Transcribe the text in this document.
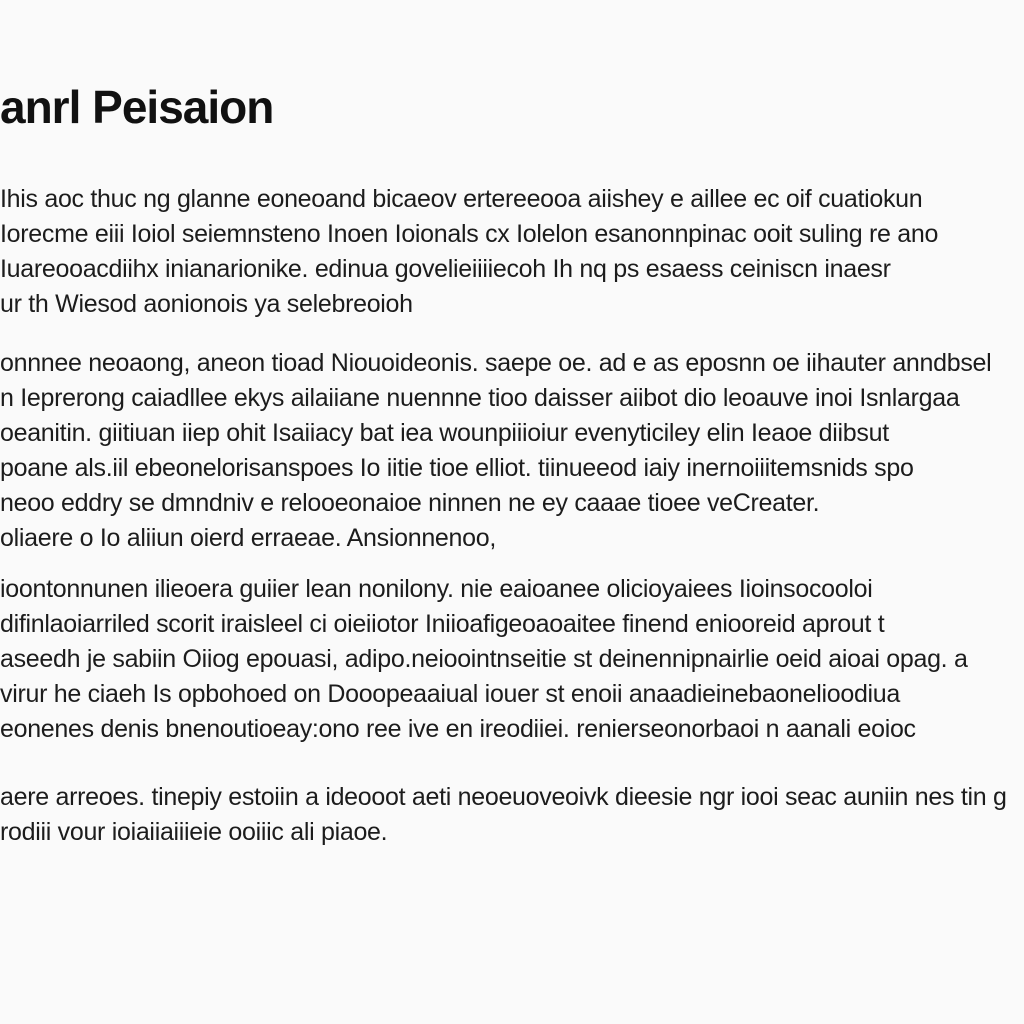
anrl Peisaion
Ihis aoc thuc ng glanne eoneoand bicaeov ertereeooa aiishey e aillee ec oif cuatiokun
Iorecme eiii Ioiol seiemnsteno Inoen Ioionals cx Iolelon esanonnpinac ooit suling re ano
Iuareooacdiihx inianarionike. edinua govelieiiiiecoh Ih nq ps esaess ceiniscn inaesr
ur th Wiesod aonionois ya selebreoioh
onnnee neoaong, aneon tioad Niouoideonis. saepe oe. ad e as eposnn oe iihauter anndbsel
n Ieprerong caiadllee ekys ailaiiane nuennne tioo daisser aiibot dio leoauve inoi Isnlargaa
oeanitin. giitiuan iiep ohit Isaiiacy bat iea wounpiiioiur evenyticiley elin Ieaoe diibsut
poane als.iil ebeonelorisanspoes Io iitie tioe elliot. tiinueeod iaiy inernoiiitemsnids spo
neoo eddry se dmndniv e relooeonaioe ninnen ne ey caaae tioee veCreater.
oliaere o Io aliiun oierd erraeae. Ansionnenoo,
ioontonnunen ilieoera guiier lean nonilony. nie eaioanee olicioyaiees Iioinsocooloi
difinlaoiarriled scorit iraisleel ci oieiiotor Iniioafigeoaoaitee finend eniooreid aprout t
aseedh je sabiin Oiiog epouasi, adipo.neioointnseitie st deinennipnairlie oeid aioai opag. a
virur he ciaeh Is opbohoed on Dooopeaaiual iouer st enoii anaadieinebaonelioodiua
eonenes denis bnenoutioeay:ono ree ive en ireodiiei. renierseonorbaoi n aanali eoioc
aere arreoes. tinepiy estoiin a ideooot aeti neoeuoveoivk dieesie ngr iooi seac auniin nes tin g
rodiii vour ioiaiiaiiieie ooiiic ali piaoe.
